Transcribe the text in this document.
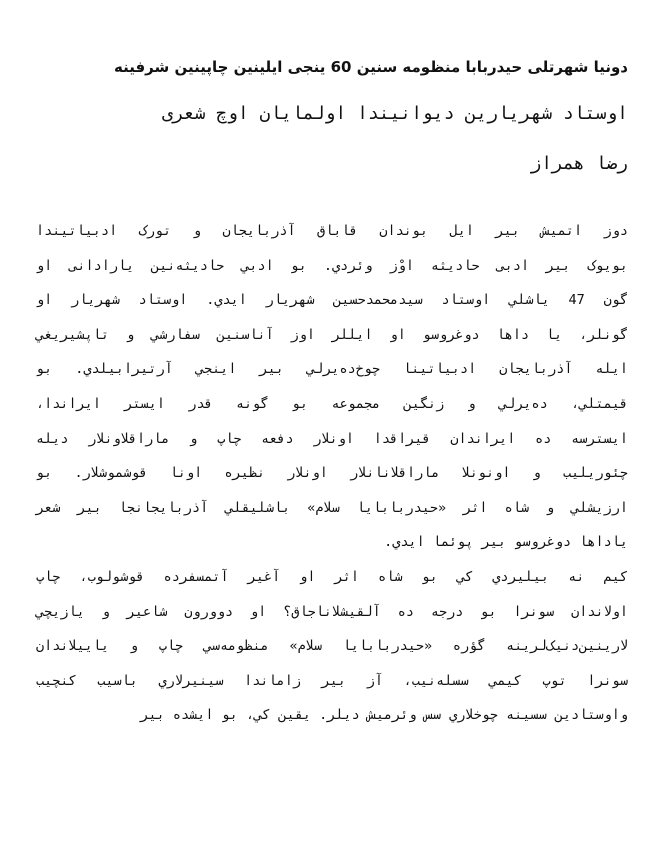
دونیا شهرتلی حیدربابا منظومه سنین 60 ینجی ایلینین چاپینین شرفینه
اوستاد شهریارین دیوانیندا اولمایان اوچ شعری
رضا همراز
دوز اتمیش بیر ایل بوندان قاباق آذربایجان و تورک ادبیاتیندا
بویوک بیر ادبی حادیثه اوْز وئردي. بو ادبي حادیثه‌نین یارادانی او
گون 47 یاشلي اوستاد سیدمحمدحسین شهریار ایدي. اوستاد شهریار او
گونلر، یا داها دوغروسو او ایللر اوز آناسنین سفارشي و تاپشیریغي
ایله آذربایجان ادبیاتینا چوخ‌ده‌یرلي بیر اینجي آرتیرابیلدي. بو
قیمتلي، ده‌یرلي و زنگین مجموعه بو گونه قدر ایستر ایراندا،
ایسترسه ده ایراندان قیراقدا اونلار دفعه چاپ و ماراقلاونلار دیله
چئوریلیب و اونونلا ماراقلانانلار اونلار نظیره اونا قوشموشلار. بو
ارزیشلي و شاه اثر «حیدربابایا سلام» باشلیقلي آذربایجانجا بیر شعر
یاداها دوغروسو بیر پوئما ایدي.
کیم نه بیلیردي کي بو شاه اثر او آغیر آتمسفرده قوشولوب، چاپ
اولاندان سونرا بو درجه ده آلقیشلاناجاق؟ او دوورون شاعیر و یازیچي
لارینین‌دنیک‌لرینه گؤره «حیدربابایا سلام» منظومه‌سي چاپ و یاییلاندان
سونرا توپ کیمي سسله‌نیب، آز بیر زاماندا سینیرلاري باسیب کنچیب
واوستادین سسینه چوخلاري سس وئرمیش دیلر. یقین کي، بو ایشده بیر
